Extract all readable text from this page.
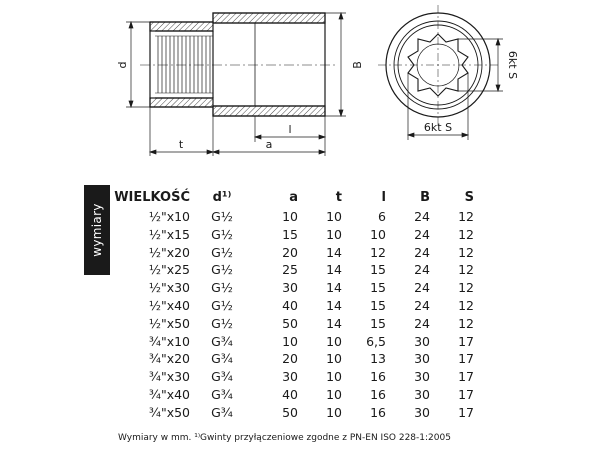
d	B
l
t	a
6kt S
6kt S
wymiary
WIELKOŚĆ	d¹⁾	a	t	l	B	S
½"x10	G½	10	10	6	24	12
½"x15	G½	15	10	10	24	12
½"x20	G½	20	14	12	24	12
½"x25	G½	25	14	15	24	12
½"x30	G½	30	14	15	24	12
½"x40	G½	40	14	15	24	12
½"x50	G½	50	14	15	24	12
¾"x10	G¾	10	10	6,5	30	17
¾"x20	G¾	20	10	13	30	17
¾"x30	G¾	30	10	16	30	17
¾"x40	G¾	40	10	16	30	17
¾"x50	G¾	50	10	16	30	17
Wymiary w mm. ¹⁾Gwinty przyłączeniowe zgodne z PN-EN ISO 228-1:2005
